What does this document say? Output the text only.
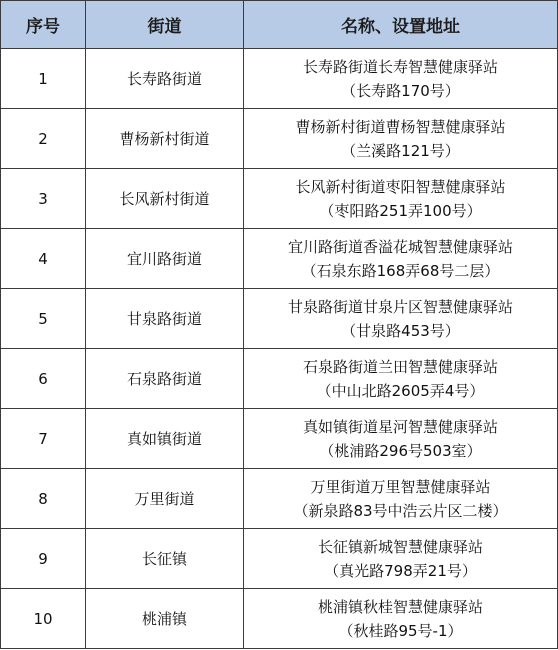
序号	街道	名称、设置地址
1	长寿路街道	长寿路街道长寿智慧健康驿站
（长寿路170号）

2	曹杨新村街道	曹杨新村街道曹杨智慧健康驿站
（兰溪路121号）

3	长风新村街道	长风新村街道枣阳智慧健康驿站
（枣阳路251弄100号）

4	宜川路街道	宜川路街道香溢花城智慧健康驿站
（石泉东路168弄68号二层）

5	甘泉路街道	甘泉路街道甘泉片区智慧健康驿站
（甘泉路453号）

6	石泉路街道	石泉路街道兰田智慧健康驿站
（中山北路2605弄4号）

7	真如镇街道	真如镇街道星河智慧健康驿站
（桃浦路296号503室）

8	万里街道	万里街道万里智慧健康驿站
（新泉路83号中浩云片区二楼）

9	长征镇	长征镇新城智慧健康驿站
（真光路798弄21号）

10	桃浦镇	桃浦镇秋桂智慧健康驿站
（秋桂路95号-1）
